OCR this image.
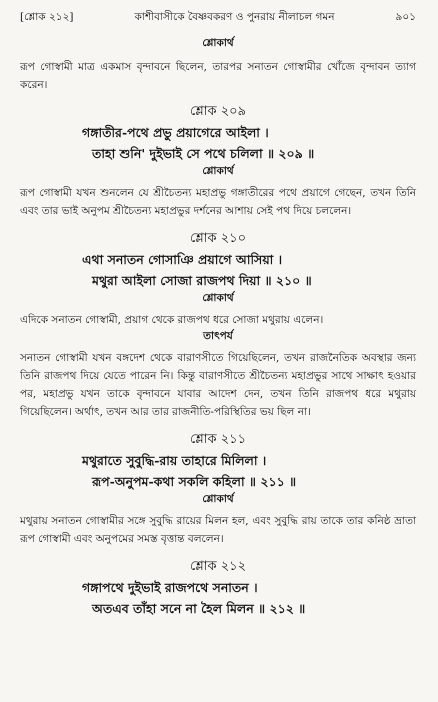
[শ্লোক ২১২]	কাশীবাসীকে বৈষ্ণবকরণ ও পুনরায় নীলাচল গমন	৯০১
শ্লোকার্থ

রূপ গোস্বামী মাত্র একমাস বৃন্দাবনে ছিলেন, তারপর সনাতন গোস্বামীর খোঁজে বৃন্দাবন ত্যাগ করেন।

শ্লোক ২০৯

গঙ্গাতীর-পথে প্রভু প্রয়াগেরে আইলা ।

তাহা শুনি' দুইভাই সে পথে চলিলা ॥ ২০৯ ॥

শ্লোকার্থ

রূপ গোস্বামী যখন শুনলেন যে শ্রীচৈতন্য মহাপ্রভু গঙ্গাতীরের পথে প্রয়াগে গেছেন, তখন তিনি এবং তার ভাই অনুপম শ্রীচৈতন্য মহাপ্রভুর দর্শনের আশায় সেই পথ দিয়ে চললেন।

শ্লোক ২১০

এথা সনাতন গোসাঞি প্রয়াগে আসিয়া ।

মথুরা আইলা সোজা রাজপথ দিয়া ॥ ২১০ ॥

শ্লোকার্থ

এদিকে সনাতন গোস্বামী, প্রয়াগ থেকে রাজপথ ধরে সোজা মথুরায় এলেন।

তাৎপর্য

সনাতন গোস্বামী যখন বঙ্গদেশ থেকে বারাণসীতে গিয়েছিলেন, তখন রাজনৈতিক অবস্থার জন্য তিনি রাজপথ দিয়ে যেতে পারেন নি। কিন্তু বারাণসীতে শ্রীচৈতন্য মহাপ্রভুর সাথে সাক্ষাৎ হওয়ার পর, মহাপ্রভু যখন তাকে বৃন্দাবনে যাবার আদেশ দেন, তখন তিনি রাজপথ ধরে মথুরায় গিয়েছিলেন। অর্থাৎ, তখন আর তার রাজনীতি-পরিস্থিতির ভয় ছিল না।

শ্লোক ২১১

মথুরাতে সুবুদ্ধি-রায় তাহারে মিলিলা ।

রূপ-অনুপম-কথা সকলি কহিলা ॥ ২১১ ॥

শ্লোকার্থ

মথুরায় সনাতন গোস্বামীর সঙ্গে সুবুদ্ধি রায়ের মিলন হল, এবং সুবুদ্ধি রায় তাকে তার কনিষ্ঠ ভ্রাতা রূপ গোস্বামী এবং অনুপমের সমস্ত বৃত্তান্ত বললেন।

শ্লোক ২১২

গঙ্গাপথে দুইভাই রাজপথে সনাতন ।

অতএব তাঁহা সনে না হৈল মিলন ॥ ২১২ ॥
